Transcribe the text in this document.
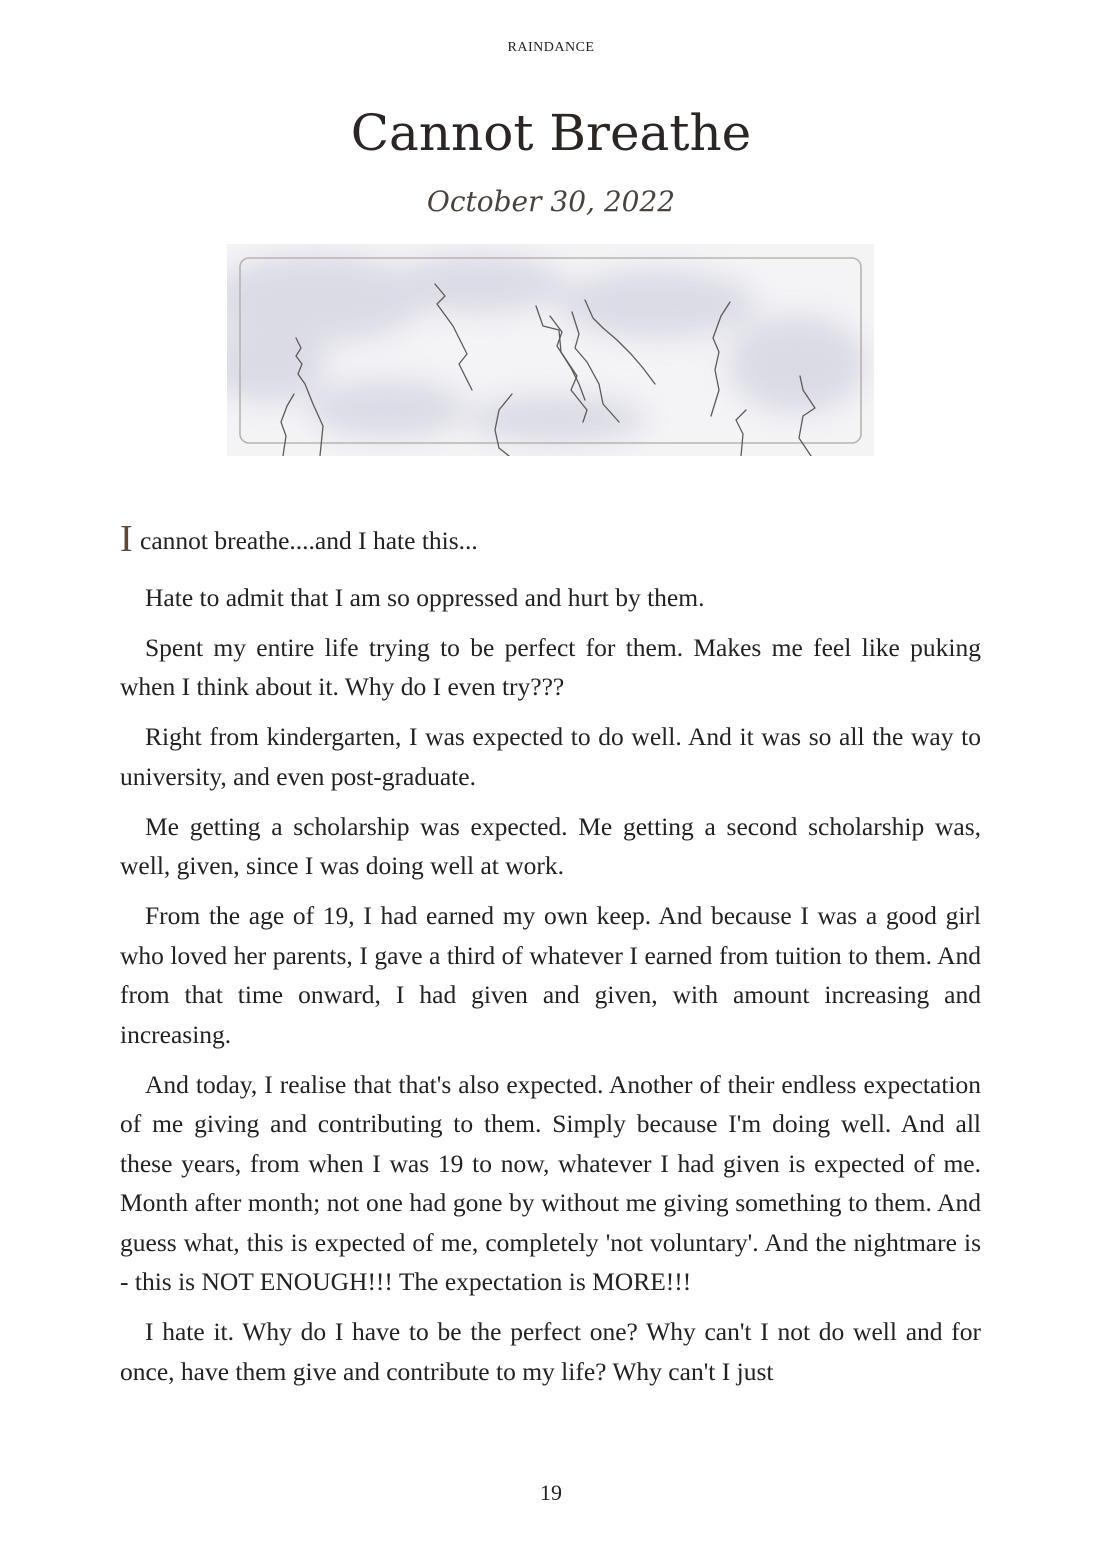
RAINDANCE
Cannot Breathe
October 30, 2022

I cannot breathe....and I hate this...

Hate to admit that I am so oppressed and hurt by them.

Spent my entire life trying to be perfect for them. Makes me feel like puking when I think about it. Why do I even try???

Right from kindergarten, I was expected to do well. And it was so all the way to university, and even post-graduate.

Me getting a scholarship was expected. Me getting a second scholarship was, well, given, since I was doing well at work.

From the age of 19, I had earned my own keep. And because I was a good girl who loved her parents, I gave a third of whatever I earned from tuition to them. And from that time onward, I had given and given, with amount increasing and increasing.

And today, I realise that that's also expected. Another of their endless expectation of me giving and contributing to them. Simply because I'm doing well. And all these years, from when I was 19 to now, whatever I had given is expected of me. Month after month; not one had gone by without me giving something to them. And guess what, this is expected of me, completely 'not voluntary'. And the nightmare is - this is NOT ENOUGH!!! The expectation is MORE!!!

I hate it. Why do I have to be the perfect one? Why can't I not do well and for once, have them give and contribute to my life? Why can't I just

19
